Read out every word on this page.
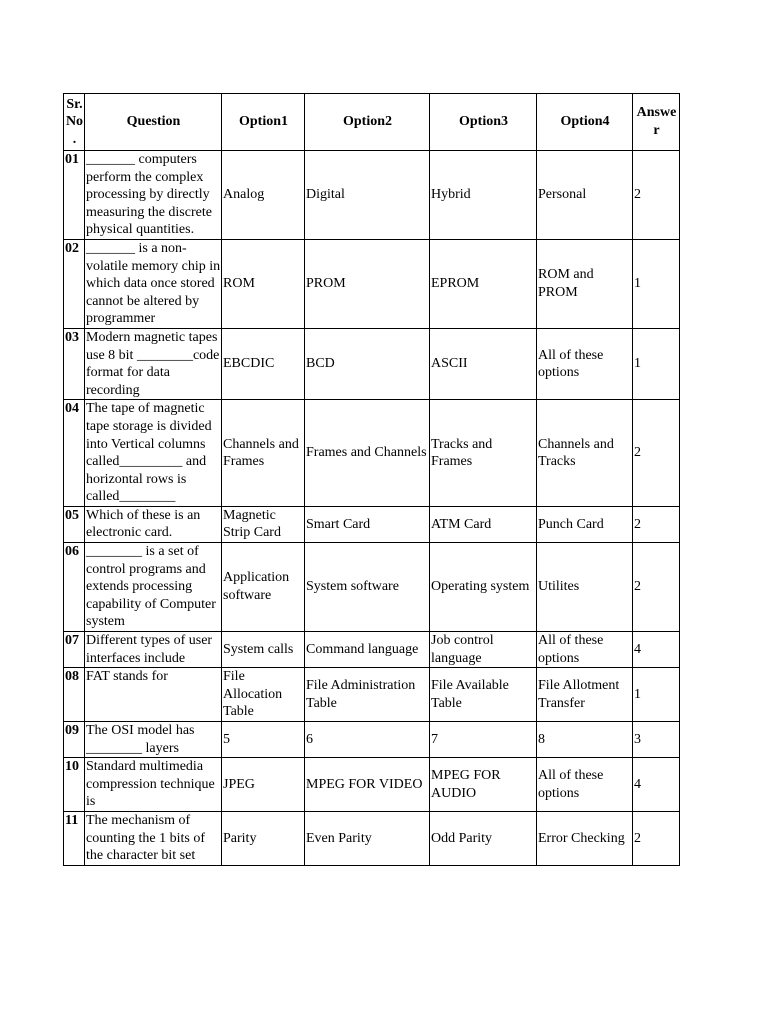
Sr.
No
.	Question	Option1	Option2	Option3	Option4	Answe
r
01	_______ computers perform the complex processing by directly measuring the discrete physical quantities.	Analog	Digital	Hybrid	Personal	2
02	_______ is a non-volatile memory chip in which data once stored cannot be altered by programmer	ROM	PROM	EPROM	ROM and PROM	1
03	Modern magnetic tapes use 8 bit ________code format for data recording	EBCDIC	BCD	ASCII	All of these options	1
04	The tape of magnetic tape storage is divided into Vertical columns called_________ and horizontal rows is called________	Channels and Frames	Frames and Channels	Tracks and Frames	Channels and Tracks	2
05	Which of these is an electronic card.	Magnetic Strip Card	Smart Card	ATM Card	Punch Card	2
06	________ is a set of control programs and extends processing capability of Computer system	Application software	System software	Operating system	Utilites	2
07	Different types of user interfaces include	System calls	Command language	Job control language	All of these options	4
08	FAT stands for	File Allocation Table	File Administration Table	File Available Table	File Allotment Transfer	1
09	The OSI model has ________ layers	5	6	7	8	3
10	Standard multimedia compression technique is	JPEG	MPEG FOR VIDEO	MPEG FOR AUDIO	All of these options	4
11	The mechanism of counting the 1 bits of the character bit set	Parity	Even Parity	Odd Parity	Error Checking	2
